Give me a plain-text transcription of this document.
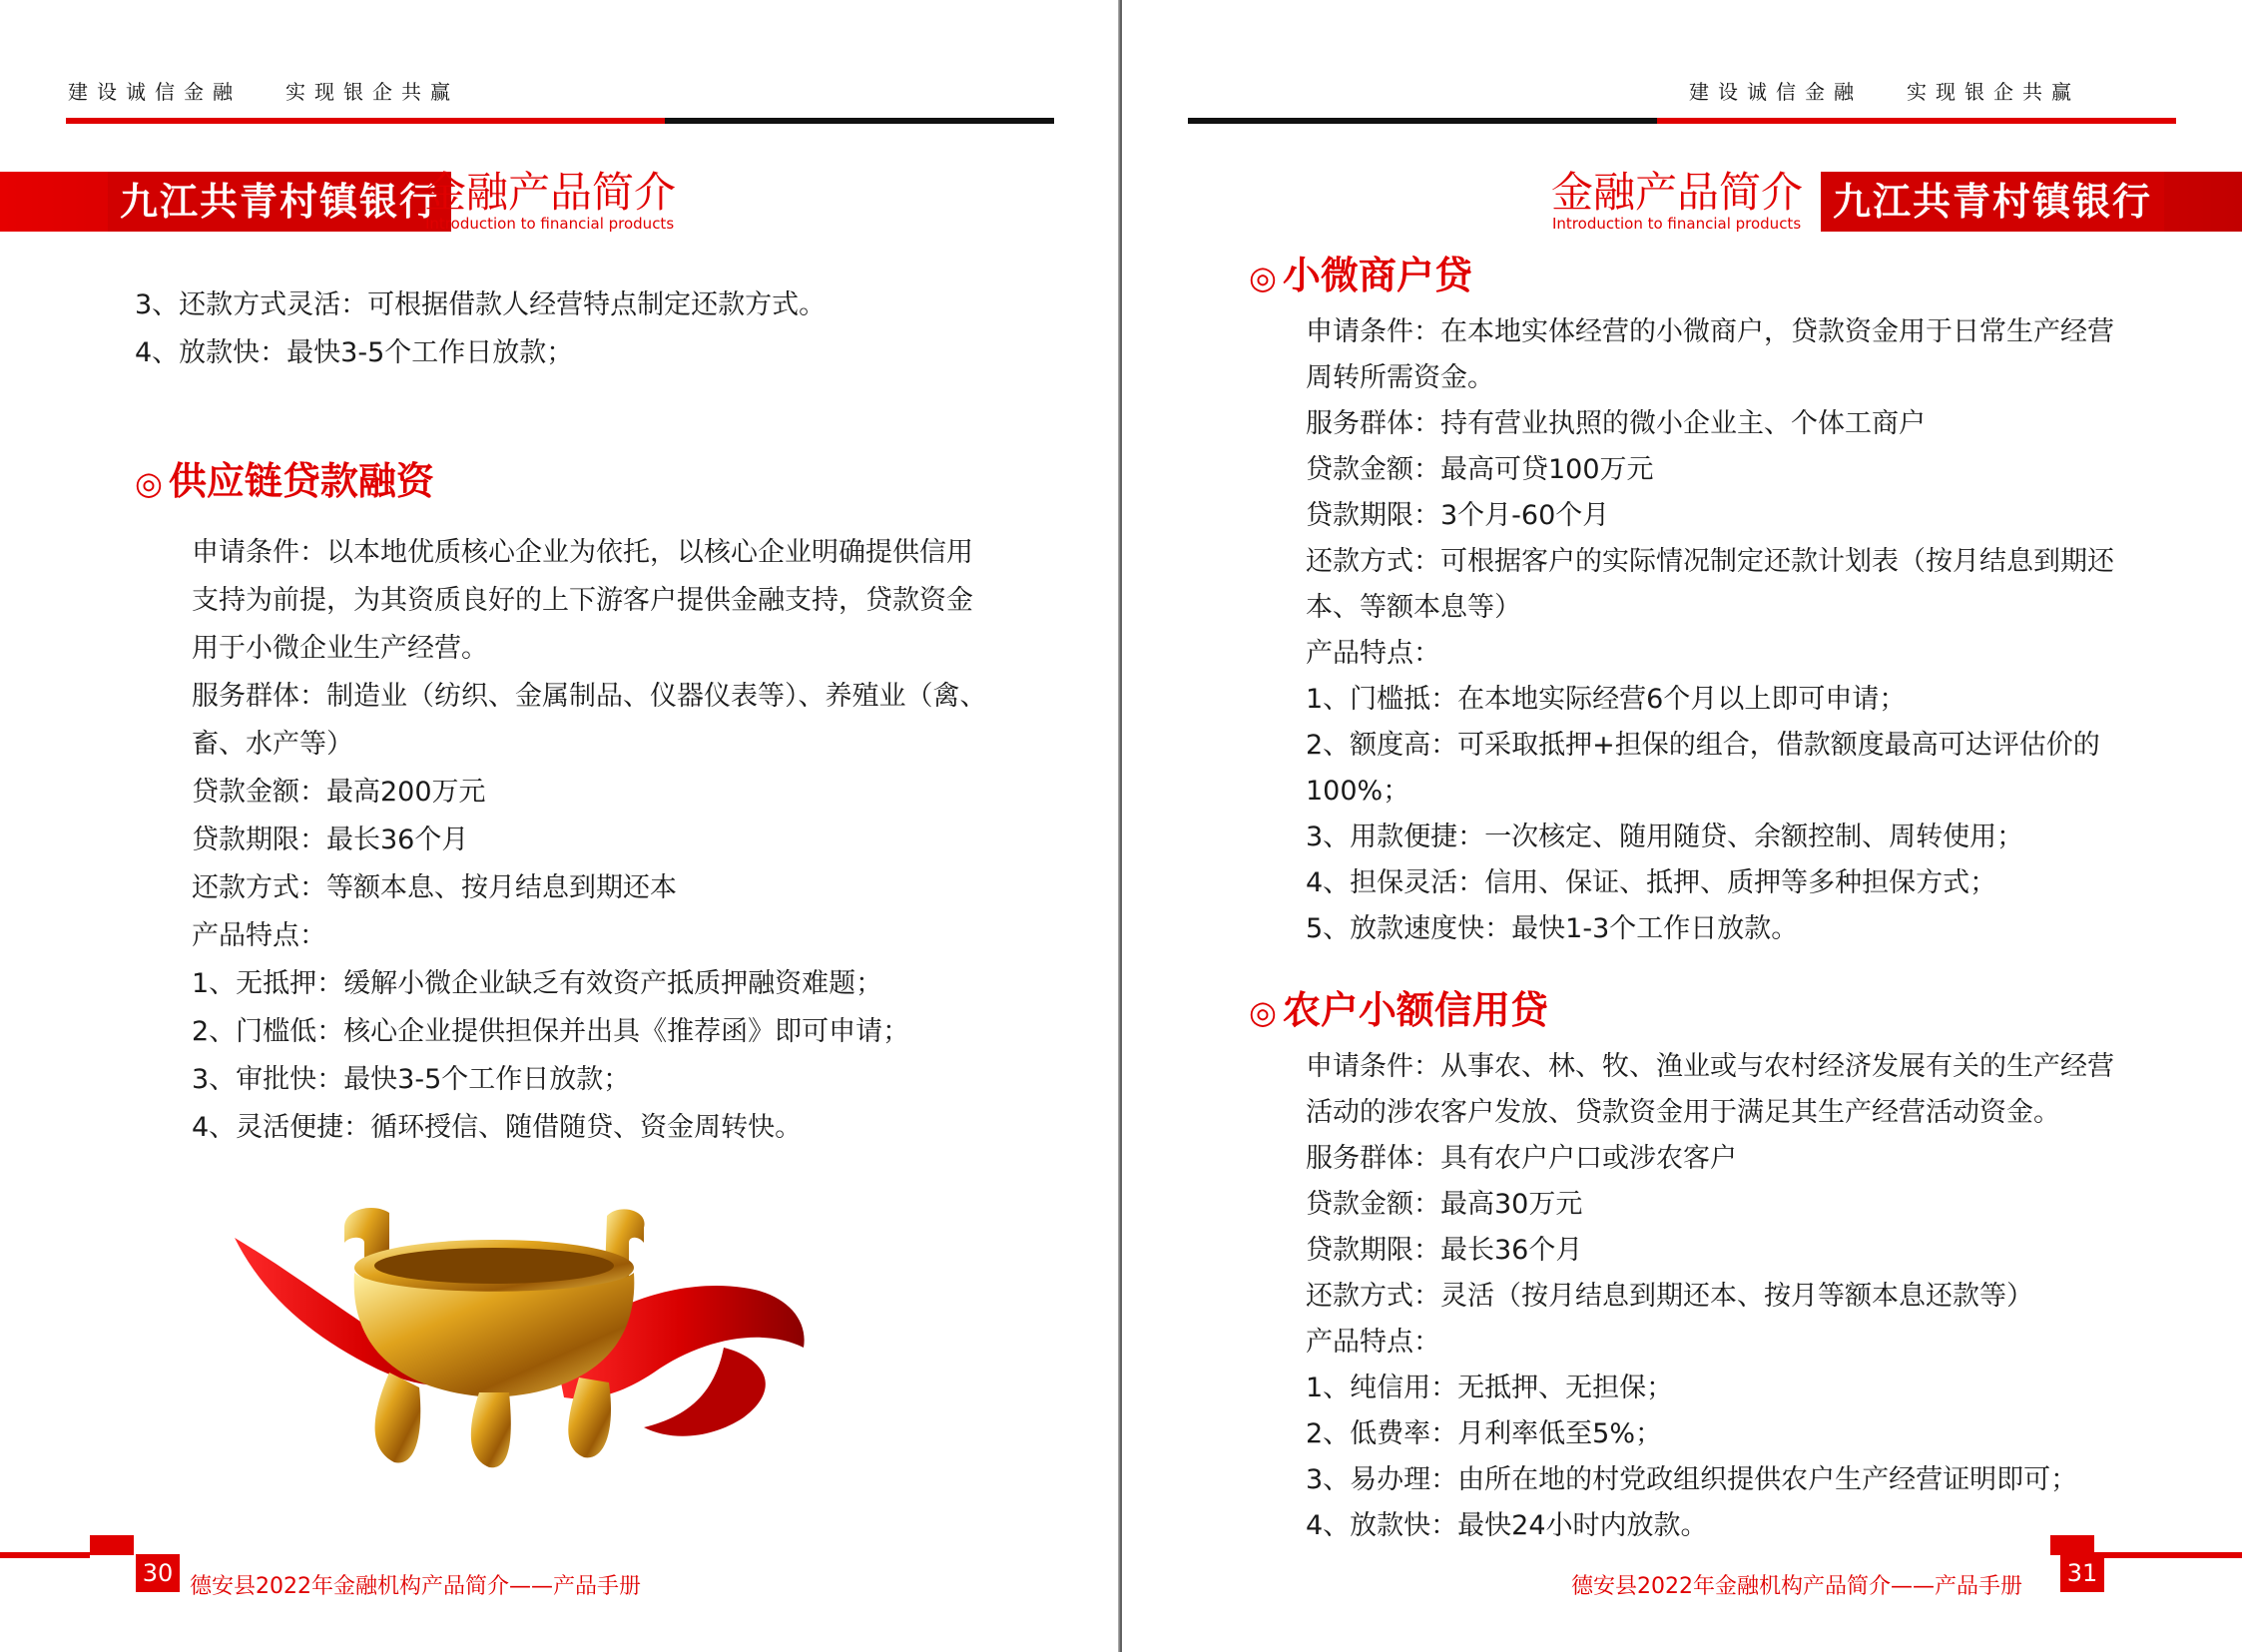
建设诚信金融 实现银企共赢
九江共青村镇银行
金融产品简介
Introduction to financial products

3、还款方式灵活：可根据借款人经营特点制定还款方式。

4、放款快：最快3-5个工作日放款；

◎ 供应链贷款融资

申请条件：以本地优质核心企业为依托，以核心企业明确提供信用支持为前提，为其资质良好的上下游客户提供金融支持，贷款资金用于小微企业生产经营。

服务群体：制造业（纺织、金属制品、仪器仪表等）、养殖业（禽、畜、水产等）

贷款金额：最高200万元

贷款期限：最长36个月

还款方式：等额本息、按月结息到期还本

产品特点：

1、无抵押：缓解小微企业缺乏有效资产抵质押融资难题；

2、门槛低：核心企业提供担保并出具《推荐函》即可申请；

3、审批快：最快3-5个工作日放款；

4、灵活便捷：循环授信、随借随贷、资金周转快。

30 德安县2022年金融机构产品简介——产品手册
建设诚信金融 实现银企共赢
金融产品简介
Introduction to financial products 九江共青村镇银行

◎ 小微商户贷

申请条件：在本地实体经营的小微商户，贷款资金用于日常生产经营周转所需资金。

服务群体：持有营业执照的微小企业主、个体工商户

贷款金额：最高可贷100万元

贷款期限：3个月-60个月

还款方式：可根据客户的实际情况制定还款计划表（按月结息到期还本、等额本息等）

产品特点：

1、门槛抵：在本地实际经营6个月以上即可申请；

2、额度高：可采取抵押+担保的组合，借款额度最高可达评估价的100%；

3、用款便捷：一次核定、随用随贷、余额控制、周转使用；

4、担保灵活：信用、保证、抵押、质押等多种担保方式；

5、放款速度快：最快1-3个工作日放款。

◎ 农户小额信用贷

申请条件：从事农、林、牧、渔业或与农村经济发展有关的生产经营活动的涉农客户发放、贷款资金用于满足其生产经营活动资金。

服务群体：具有农户户口或涉农客户

贷款金额：最高30万元

贷款期限：最长36个月

还款方式：灵活（按月结息到期还本、按月等额本息还款等）

产品特点：

1、纯信用：无抵押、无担保；

2、低费率：月利率低至5%；

3、易办理：由所在地的村党政组织提供农户生产经营证明即可；

4、放款快：最快24小时内放款。

德安县2022年金融机构产品简介——产品手册 31
